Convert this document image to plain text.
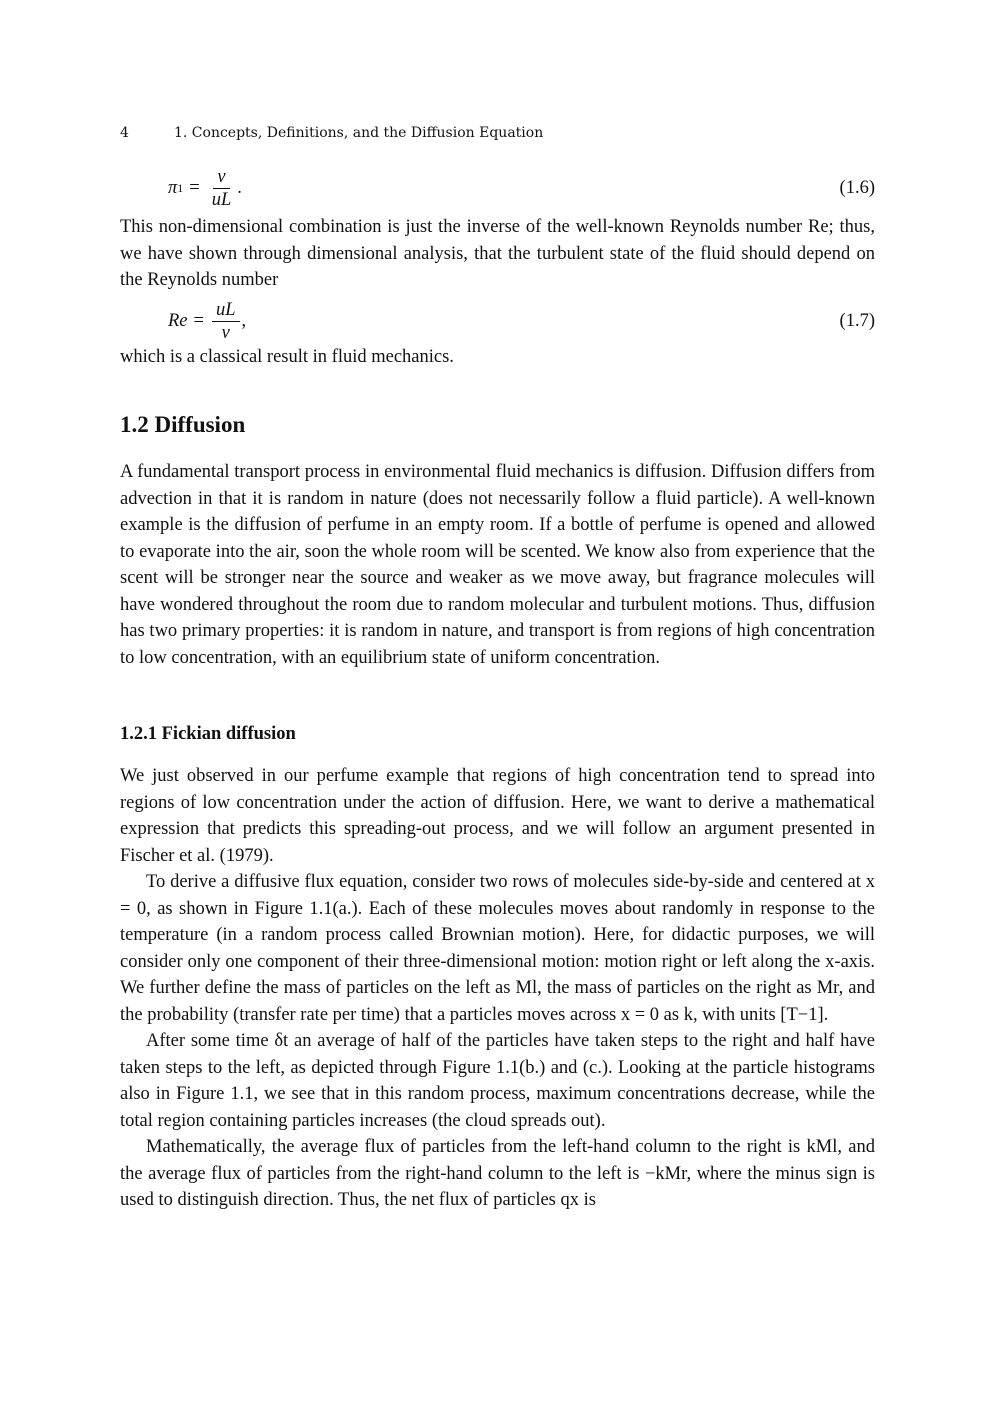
4	1. Concepts, Definitions, and the Diffusion Equation
π $1 = \frac{\nu}{uL}$ .	(1.6)

This non-dimensional combination is just the inverse of the well-known Reynolds number Re; thus, we have shown through dimensional analysis, that the turbulent state of the fluid should depend on the Reynolds number

$Re = \frac{uL}{\nu}$ ,	(1.7)

which is a classical result in fluid mechanics.

1.2 Diffusion

A fundamental transport process in environmental fluid mechanics is diffusion. Diffusion differs from advection in that it is random in nature (does not necessarily follow a fluid particle). A well-known example is the diffusion of perfume in an empty room. If a bottle of perfume is opened and allowed to evaporate into the air, soon the whole room will be scented. We know also from experience that the scent will be stronger near the source and weaker as we move away, but fragrance molecules will have wondered throughout the room due to random molecular and turbulent motions. Thus, diffusion has two primary properties: it is random in nature, and transport is from regions of high concentration to low concentration, with an equilibrium state of uniform concentration.

1.2.1 Fickian diffusion

We just observed in our perfume example that regions of high concentration tend to spread into regions of low concentration under the action of diffusion. Here, we want to derive a mathematical expression that predicts this spreading-out process, and we will follow an argument presented in Fischer et al. (1979).

To derive a diffusive flux equation, consider two rows of molecules side-by-side and centered at x = 0, as shown in Figure 1.1(a.). Each of these molecules moves about randomly in response to the temperature (in a random process called Brownian motion). Here, for didactic purposes, we will consider only one component of their three-dimensional motion: motion right or left along the x-axis. We further define the mass of particles on the left as Ml, the mass of particles on the right as Mr, and the probability (transfer rate per time) that a particles moves across x = 0 as k, with units [T−1].

After some time δt an average of half of the particles have taken steps to the right and half have taken steps to the left, as depicted through Figure 1.1(b.) and (c.). Looking at the particle histograms also in Figure 1.1, we see that in this random process, maximum concentrations decrease, while the total region containing particles increases (the cloud spreads out).

Mathematically, the average flux of particles from the left-hand column to the right is kMl, and the average flux of particles from the right-hand column to the left is −kMr, where the minus sign is used to distinguish direction. Thus, the net flux of particles qx is
